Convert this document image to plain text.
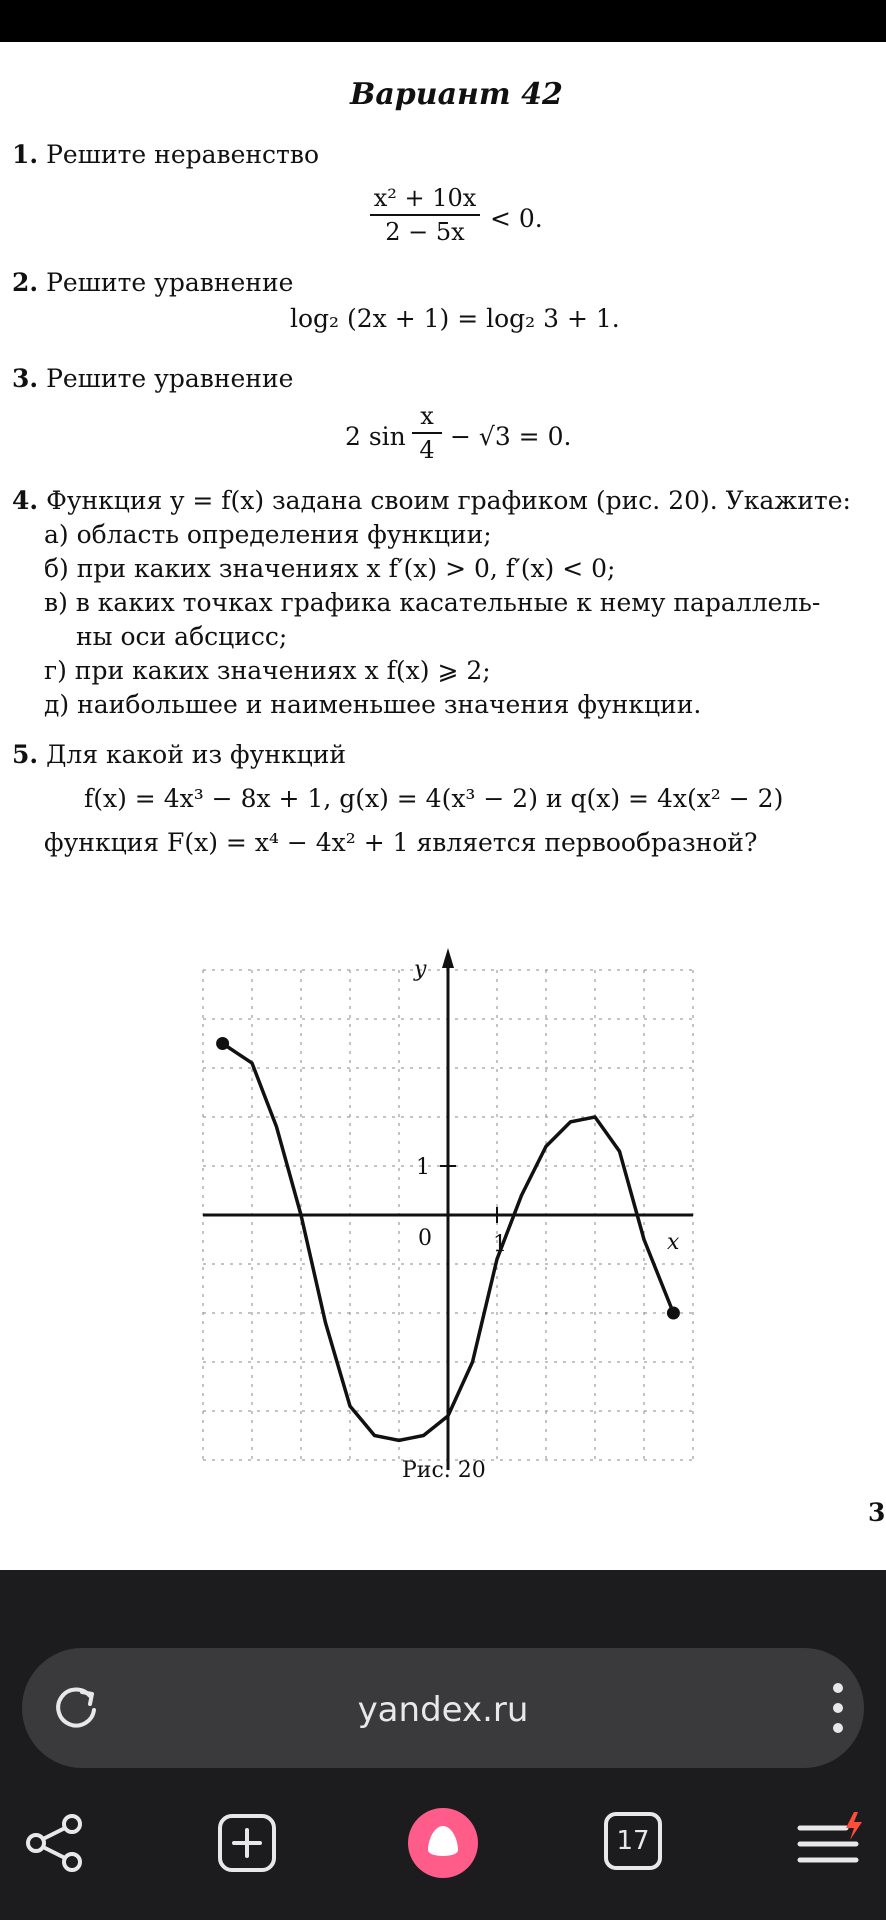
Вариант 42
1. Решите неравенство
x² + 10x
2 − 5x	< 0.
2. Решите уравнение
log₂ (2x + 1) = log₂ 3 + 1.
3. Решите уравнение
2 sin
x
4 − √3 = 0.
4. Функция y = f(x) задана своим графиком (рис. 20). Укажите:
а) область определения функции;
б) при каких значениях x f′(x) > 0, f′(x) < 0;
в) в каких точках графика касательные к нему параллель-
ны оси абсцисс;
г) при каких значениях x f(x) ⩾ 2;
д) наибольшее и наименьшее значения функции.
5. Для какой из функций
f(x) = 4x³ − 8x + 1, g(x) = 4(x³ − 2) и q(x) = 4x(x² − 2)
функция F(x) = x⁴ − 4x² + 1 является первообразной?
y
x
0	1
1
Рис. 20
3
yandex.ru
17
